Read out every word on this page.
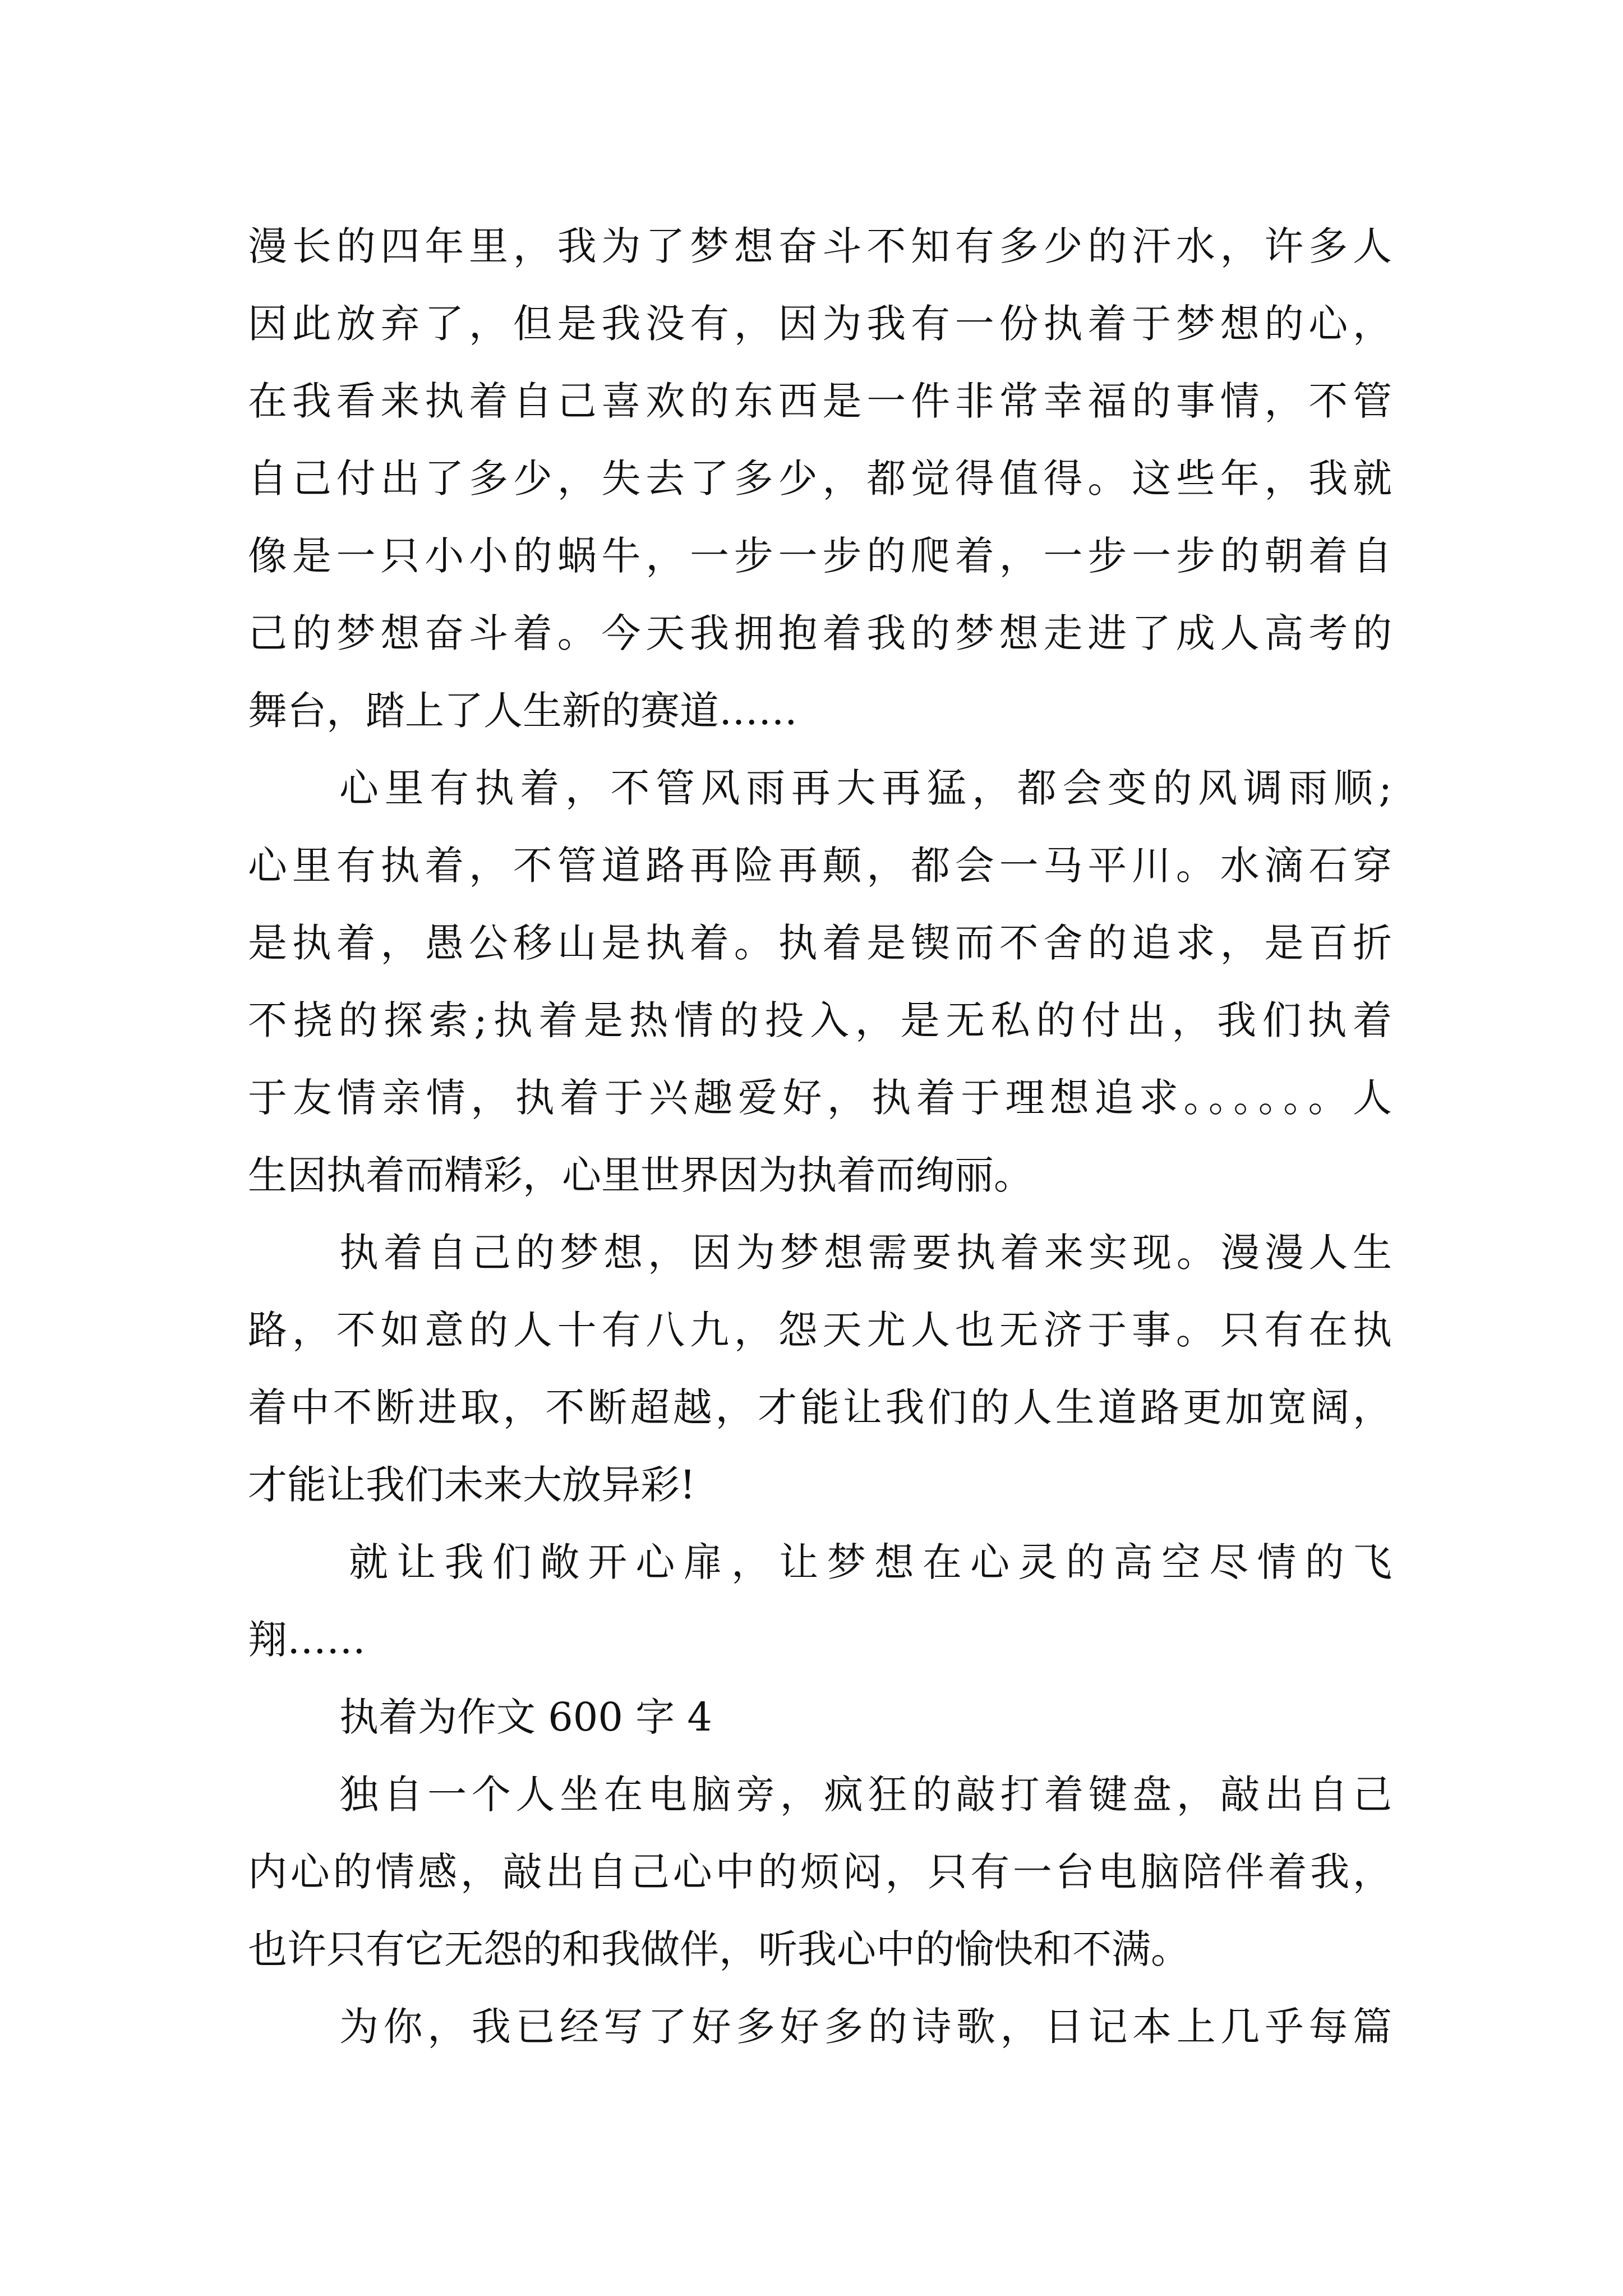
漫长的四年里，我为了梦想奋斗不知有多少的汗水，许多人
因此放弃了，但是我没有，因为我有一份执着于梦想的心，
在我看来执着自己喜欢的东西是一件非常幸福的事情，不管
自己付出了多少，失去了多少，都觉得值得。这些年，我就
像是一只小小的蜗牛，一步一步的爬着，一步一步的朝着自
己的梦想奋斗着。今天我拥抱着我的梦想走进了成人高考的
舞台，踏上了人生新的赛道……
心里有执着，不管风雨再大再猛，都会变的风调雨顺;
心里有执着，不管道路再险再颠，都会一马平川。水滴石穿
是执着，愚公移山是执着。执着是锲而不舍的追求，是百折
不挠的探索;执着是热情的投入，是无私的付出，我们执着
于友情亲情，执着于兴趣爱好，执着于理想追求。。。。。。人
生因执着而精彩，心里世界因为执着而绚丽。
执着自己的梦想，因为梦想需要执着来实现。漫漫人生
路，不如意的人十有八九，怨天尤人也无济于事。只有在执
着中不断进取，不断超越，才能让我们的人生道路更加宽阔，
才能让我们未来大放异彩!
就让我们敞开心扉，让梦想在心灵的高空尽情的飞
翔……
执着为作文 600 字 4
独自一个人坐在电脑旁，疯狂的敲打着键盘，敲出自己
内心的情感，敲出自己心中的烦闷，只有一台电脑陪伴着我，
也许只有它无怨的和我做伴，听我心中的愉快和不满。
为你，我已经写了好多好多的诗歌，日记本上几乎每篇
